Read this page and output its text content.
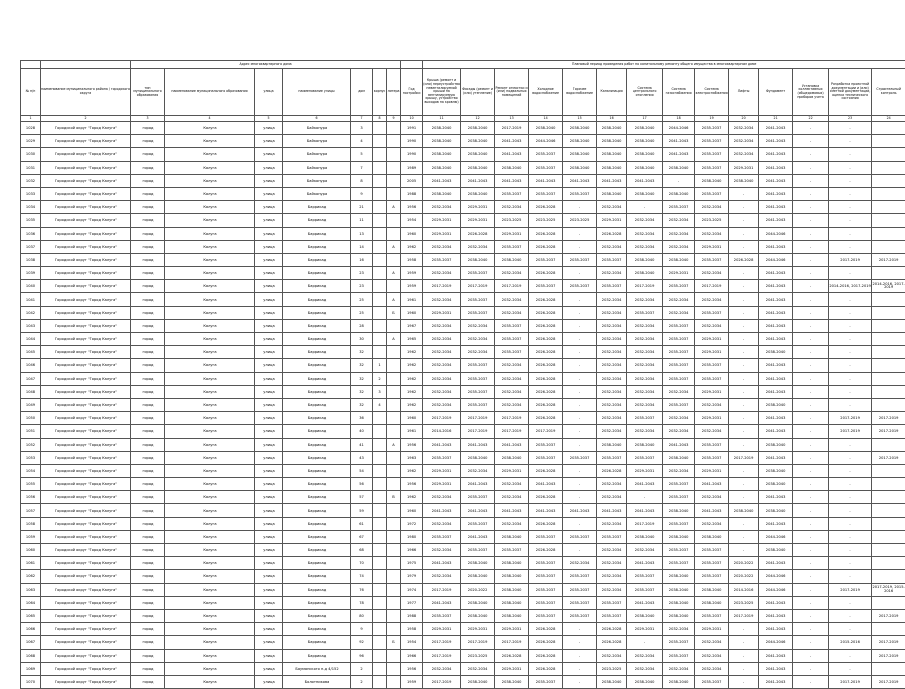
		Адрес многоквартирного дома								Плановый период проведения работ по капитальному ремонту общего имущества в многоквартирном доме													
№ п/п	наименование муниципального района / городского округа	тип муниципального образования	наименование муниципального образования	улица	наименование улицы	дом	корпус	литера	Год постройки	Крыша (ремонт и (или) переустройство невентилируемой крыши на вентилируемую крышу, устройство выходов на кровлю)	Фасады (ремонт и (или) утепление)	Ремонт отмостки и (или) подвальных помещений	Холодное водоснабжение	Горячее водоснабжение	Канализация	Система центрального отопления	Система газоснабжения	Система электроснабжения	Лифты	Фундамент	Установка коллективных (общедомовых) приборов учета	Разработка проектной документации и (или) сметной документации, оценка технического состояния	Строительный контроль
1	2	3	4	5	6	7	8	9	10	11	12	13	14	15	16	17	18	19	20	21	22	23	24
1028	Городской округ "Город Калуга"	город	Калуга	улица	Байконура	3			1991	2038-2040	2038-2040	2017-2019	2038-2040	2038-2040	2038-2040	2038-2040	2044-2046	2035-2037	2032-2034	2041-2043	-	-	
1029	Городской округ "Город Калуга"	город	Калуга	улица	Байконура	4			1990	2038-2040	2038-2040	2041-2043	2044-2046	2038-2040	2038-2040	2038-2040	2041-2043	2035-2037	2032-2034	2041-2043	-	-	
1030	Городской округ "Город Калуга"	город	Калуга	улица	Байконура	5			1990	2038-2040	2038-2040	2041-2043	2035-2037	2038-2040	2038-2040	2038-2040	2041-2043	2035-2037	2032-2034	2041-2043	-	-	
1031	Городской округ "Город Калуга"	город	Калуга	улица	Байконура	7			1989	2038-2040	2038-2040	2038-2040	2035-2037	2038-2040	2038-2040	2038-2040	2038-2040	2035-2037	2029-2031	2041-2043	-	-	
1032	Городской округ "Город Калуга"	город	Калуга	улица	Байконура	8			2005	2041-2043	2041-2043	2041-2043	2041-2043	2041-2043	2041-2043	2041-2043	-	2038-2040	2038-2040	2041-2043	-	-	
1033	Городской округ "Город Калуга"	город	Калуга	улица	Байконура	9			1988	2038-2040	2038-2040	2035-2037	2035-2037	2035-2037	2038-2040	2038-2040	2038-2040	2035-2037	-	2041-2043	-	-	
1034	Городской округ "Город Калуга"	город	Калуга	улица	Баррикад	21		А	1956	2032-2034	2029-2031	2032-2034	2026-2028	-	2032-2034	-	2035-2037	2032-2034	-	2041-2043	-	-	
1035	Городской округ "Город Калуга"	город	Калуга	улица	Баррикад	11			1954	2029-2031	2029-2031	2023-2025	2023-2025	2023-2025	2029-2031	2032-2034	2032-2034	2023-2025	-	2041-2043	-	-	
1036	Городской округ "Город Калуга"	город	Калуга	улица	Баррикад	13			1960	2029-2031	2026-2028	2029-2031	2026-2028	-	2026-2028	2032-2034	2032-2034	2032-2034	-	2044-2046	-	-	
1037	Городской округ "Город Калуга"	город	Калуга	улица	Баррикад	14		А	1962	2032-2034	2032-2034	2035-2037	2026-2028	-	2032-2034	2032-2034	2032-2034	2029-2031	-	2041-2043	-	-	
1038	Городской округ "Город Калуга"	город	Калуга	улица	Баррикад	16			1958	2035-2037	2038-2040	2038-2040	2035-2037	2035-2037	2035-2037	2038-2040	2038-2040	2035-2037	2026-2028	2044-2046	-	2017-2019	2017-2019
1039	Городской округ "Город Калуга"	город	Калуга	улица	Баррикад	23		А	1959	2032-2034	2035-2037	2032-2034	2026-2028	-	2032-2034	2038-2040	2029-2031	2032-2034	-	2041-2043	-	-	
1040	Городской округ "Город Калуга"	город	Калуга	улица	Баррикад	23			1959	2017-2019	2017-2019	2017-2019	2035-2037	2035-2037	2035-2037	2017-2019	2035-2037	2017-2019	-	2041-2043	-	2014-2016, 2017-2019	2014-2016, 2017-2019
1041	Городской округ "Город Калуга"	город	Калуга	улица	Баррикад	25		А	1961	2032-2034	2035-2037	2032-2034	2026-2028	-	2032-2034	2032-2034	2032-2034	2032-2034	-	2041-2043	-	-	
1042	Городской округ "Город Калуга"	город	Калуга	улица	Баррикад	25		Б	1960	2029-2031	2035-2037	2032-2034	2026-2028	-	2032-2034	2035-2037	2032-2034	2035-2037	-	2041-2043	-	-	
1043	Городской округ "Город Калуга"	город	Калуга	улица	Баррикад	28			1967	2032-2034	2032-2034	2035-2037	2026-2028	-	2032-2034	2032-2034	2035-2037	2032-2034	-	2041-2043	-	-	
1044	Городской округ "Город Калуга"	город	Калуга	улица	Баррикад	30		А	1965	2032-2034	2032-2034	2035-2037	2026-2028	-	2032-2034	2032-2034	2035-2037	2029-2031	-	2041-2043	-	-	
1045	Городской округ "Город Калуга"	город	Калуга	улица	Баррикад	32			1962	2032-2034	2032-2034	2035-2037	2026-2028	-	2032-2034	2032-2034	2035-2037	2029-2031	-	2038-2040	-	-	
1046	Городской округ "Город Калуга"	город	Калуга	улица	Баррикад	32	1		1962	2032-2034	2035-2037	2032-2034	2026-2028	-	2032-2034	2032-2034	2035-2037	2035-2037	-	2041-2043	-	-	
1047	Городской округ "Город Калуга"	город	Калуга	улица	Баррикад	32	2		1962	2032-2034	2035-2037	2032-2034	2026-2028	-	2032-2034	2032-2034	2035-2037	2035-2037	-	2041-2043	-	-	
1048	Городской округ "Город Калуга"	город	Калуга	улица	Баррикад	32	3		1962	2032-2034	2035-2037	2032-2034	2026-2028	-	2032-2034	2032-2034	2032-2034	2029-2031	-	2041-2043	-	-	
1049	Городской округ "Город Калуга"	город	Калуга	улица	Баррикад	32	4		1962	2032-2034	2035-2037	2032-2034	2026-2028	-	2032-2034	2032-2034	2035-2037	2032-2034	-	2038-2040	-	-	
1050	Городской округ "Город Калуга"	город	Калуга	улица	Баррикад	36			1960	2017-2019	2017-2019	2017-2019	2026-2028	-	2032-2034	2035-2037	2032-2034	2029-2031	-	2041-2043	-	2017-2019	2017-2019
1051	Городской округ "Город Калуга"	город	Калуга	улица	Баррикад	40			1961	2014-2016	2017-2019	2017-2019	2017-2019	-	2032-2034	2032-2034	2032-2034	2032-2034	-	2041-2043	-	2017-2019	2017-2019
1052	Городской округ "Город Калуга"	город	Калуга	улица	Баррикад	41		А	1956	2041-2043	2041-2043	2041-2043	2035-2037	-	2038-2040	2038-2040	2041-2043	2035-2037	-	2038-2040	-	-	
1053	Городской округ "Город Калуга"	город	Калуга	улица	Баррикад	43			1963	2035-2037	2038-2040	2038-2040	2035-2037	2035-2037	2035-2037	2035-2037	2038-2040	2035-2037	2017-2019	2041-2043	-	-	2017-2019
1054	Городской округ "Город Калуга"	город	Калуга	улица	Баррикад	54			1962	2029-2031	2032-2034	2029-2031	2026-2028	-	2026-2028	2029-2031	2032-2034	2029-2031	-	2038-2040	-	-	
1055	Городской округ "Город Калуга"	город	Калуга	улица	Баррикад	56			1956	2029-2031	2041-2043	2032-2034	2041-2043	-	2032-2034	2041-2043	2035-2037	2041-2043	-	2038-2040	-	-	
1056	Городской округ "Город Калуга"	город	Калуга	улица	Баррикад	57		В	1962	2032-2034	2035-2037	2032-2034	2026-2028	-	2032-2034	-	2035-2037	2032-2034	-	2041-2043	-	-	
1057	Городской округ "Город Калуга"	город	Калуга	улица	Баррикад	59			1960	2041-2043	2041-2043	2041-2043	2041-2043	2041-2043	2041-2043	2041-2043	2038-2040	2041-2043	2038-2040	2038-2040	-	-	
1058	Городской округ "Город Калуга"	город	Калуга	улица	Баррикад	61			1972	2032-2034	2035-2037	2032-2034	2026-2028	-	2032-2034	2017-2019	2035-2037	2032-2034	-	2041-2043	-	-	
1059	Городской округ "Город Калуга"	город	Калуга	улица	Баррикад	67			1980	2035-2037	2041-2043	2038-2040	2035-2037	2035-2037	2035-2037	2038-2040	2038-2040	2038-2040	-	2044-2046	-	-	
1060	Городской округ "Город Калуга"	город	Калуга	улица	Баррикад	68			1966	2032-2034	2035-2037	2035-2037	2026-2028	-	2032-2034	2032-2034	2035-2037	2035-2037	-	2038-2040	-	-	
1061	Городской округ "Город Калуга"	город	Калуга	улица	Баррикад	70			1975	2041-2043	2038-2040	2038-2040	2035-2037	2032-2034	2032-2034	2041-2043	2035-2037	2035-2037	2020-2022	2041-2043	-	-	
1062	Городской округ "Город Калуга"	город	Калуга	улица	Баррикад	74			1979	2032-2034	2038-2040	2038-2040	2035-2037	2035-2037	2032-2034	2035-2037	2038-2040	2035-2037	2020-2022	2044-2046	-	-	
1063	Городской округ "Город Калуга"	город	Калуга	улица	Баррикад	76			1974	2017-2019	2020-2022	2038-2040	2035-2037	2035-2037	2032-2034	2035-2037	2038-2040	2038-2040	2014-2016	2044-2046	-	2017-2019	2017-2019, 2015-2016
1064	Городской округ "Город Калуга"	город	Калуга	улица	Баррикад	78			1977	2041-2043	2038-2040	2038-2040	2035-2037	2035-2037	2035-2037	2041-2043	2038-2040	2038-2040	2023-2025	2041-2043	-	-	
1065	Городской округ "Город Калуга"	город	Калуга	улица	Баррикад	80			1988	2035-2037	2038-2040	2038-2040	2035-2037	2035-2037	2035-2037	2038-2040	2038-2040	2035-2037	2017-2019	2041-2043	-	-	2017-2019
1066	Городской округ "Город Калуга"	город	Калуга	улица	Баррикад	9			1958	2029-2031	2029-2031	2029-2031	2026-2028	-	2026-2028	2029-2031	2032-2034	2029-2031	-	2041-2043	-	-	
1067	Городской округ "Город Калуга"	город	Калуга	улица	Баррикад	92		Б	1954	2017-2019	2017-2019	2017-2019	2026-2028	-	2026-2028	-	2035-2037	2032-2034	-	2044-2046	-	2015-2016	2017-2019
1068	Городской округ "Город Калуга"	город	Калуга	улица	Баррикад	96			1966	2017-2019	2023-2025	2026-2028	2026-2028	-	2032-2034	2032-2034	2035-2037	2032-2034	-	2041-2043	-	-	2017-2019
1069	Городской округ "Город Калуга"	город	Калуга	улица	Бауманского п-д 4/152	2			1956	2032-2034	2032-2034	2029-2031	2026-2028	-	2023-2025	2032-2034	2032-2034	2032-2034	-	2041-2043	-	-	
1070	Городской округ "Город Калуга"	город	Калуга	улица	Болотникова	2			1959	2017-2019	2038-2040	2038-2040	2035-2037	-	2038-2040	2038-2040	2038-2040	2035-2037	-	2041-2043	-	2017-2019	2017-2019
